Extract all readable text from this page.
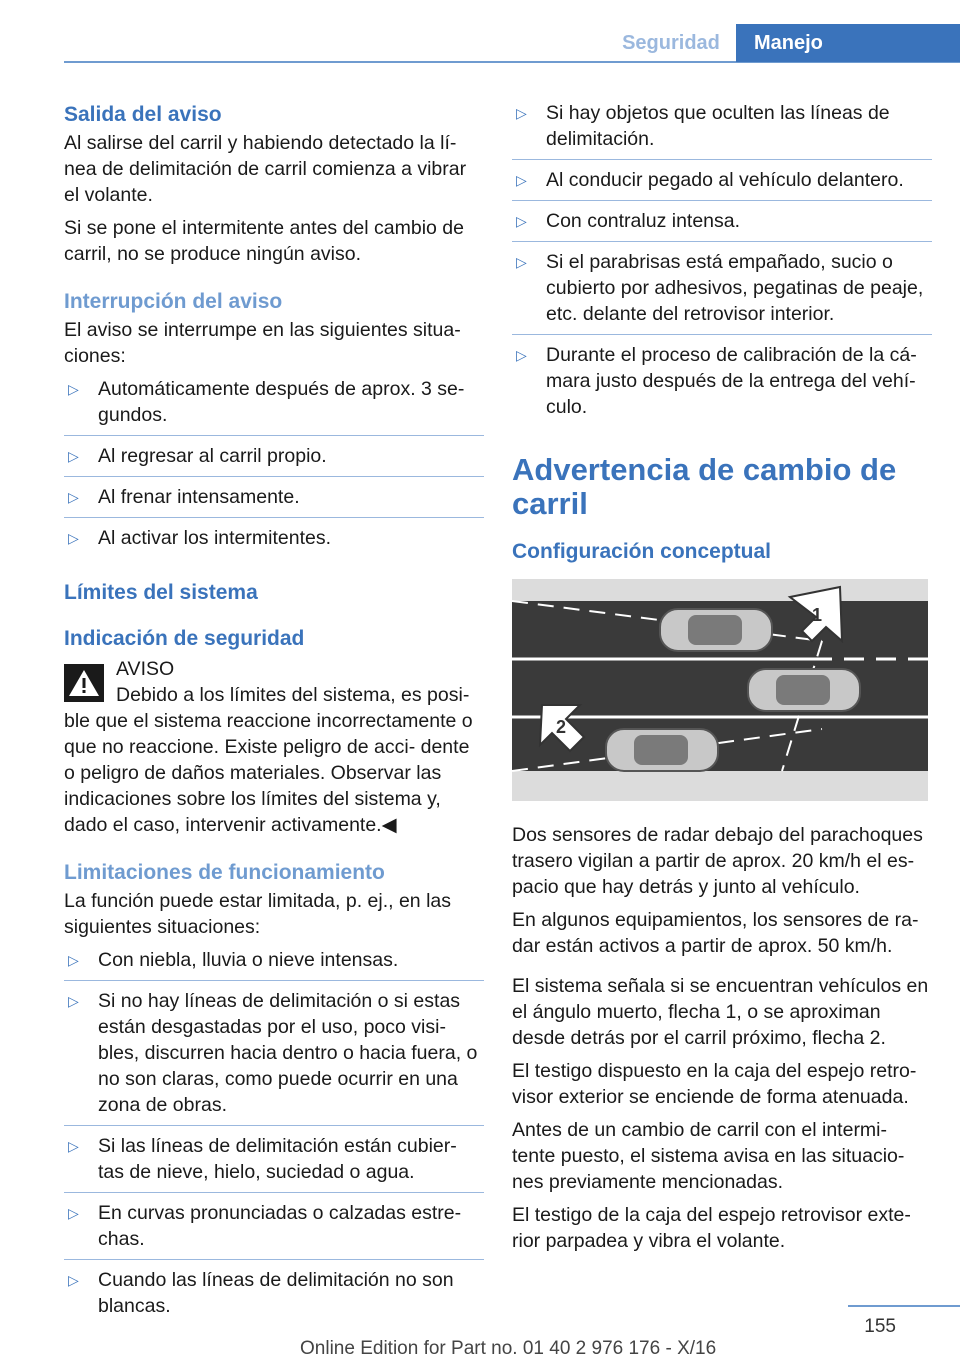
Seguridad	Manejo
Salida del aviso

Al salirse del carril y habiendo detectado la lí‐ nea de delimitación de carril comienza a vibrar el volante.

Si se pone el intermitente antes del cambio de carril, no se produce ningún aviso.

Interrupción del aviso

El aviso se interrumpe en las siguientes situa‐ ciones:

▷ Automáticamente después de aprox. 3 se‐ gundos.
▷ Al regresar al carril propio.
▷ Al frenar intensamente.
▷ Al activar los intermitentes.
Límites del sistema
Indicación de seguridad
AVISO
Debido a los límites del sistema, es posi‐
ble que el sistema reaccione incorrectamente o que no reaccione. Existe peligro de acci‐ dente o peligro de daños materiales. Observar las indicaciones sobre los límites del sistema y, dado el caso, intervenir activamente.◀
Limitaciones de funcionamiento

La función puede estar limitada, p. ej., en las siguientes situaciones:

▷ Con niebla, lluvia o nieve intensas.
▷ Si no hay líneas de delimitación o si estas están desgastadas por el uso, poco visi‐ bles, discurren hacia dentro o hacia fuera, o no son claras, como puede ocurrir en una zona de obras.
▷ Si las líneas de delimitación están cubier‐ tas de nieve, hielo, suciedad o agua.
▷ En curvas pronunciadas o calzadas estre‐ chas.
▷ Cuando las líneas de delimitación no son blancas.
▷ Si hay objetos que oculten las líneas de delimitación.
▷ Al conducir pegado al vehículo delantero.
▷ Con contraluz intensa.
▷ Si el parabrisas está empañado, sucio o cubierto por adhesivos, pegatinas de peaje, etc. delante del retrovisor interior.
▷ Durante el proceso de calibración de la cá‐ mara justo después de la entrega del vehí‐ culo.
Advertencia de cambio de carril
Configuración conceptual
1
2

Dos sensores de radar debajo del parachoques trasero vigilan a partir de aprox. 20 km/h el es‐ pacio que hay detrás y junto al vehículo.

En algunos equipamientos, los sensores de ra‐ dar están activos a partir de aprox. 50 km/h.

El sistema señala si se encuentran vehículos en el ángulo muerto, flecha 1, o se aproximan desde detrás por el carril próximo, flecha 2.

El testigo dispuesto en la caja del espejo retro‐ visor exterior se enciende de forma atenuada.

Antes de un cambio de carril con el intermi‐ tente puesto, el sistema avisa en las situacio‐ nes previamente mencionadas.

El testigo de la caja del espejo retrovisor exte‐ rior parpadea y vibra el volante.

155
Online Edition for Part no. 01 40 2 976 176 - X/16
